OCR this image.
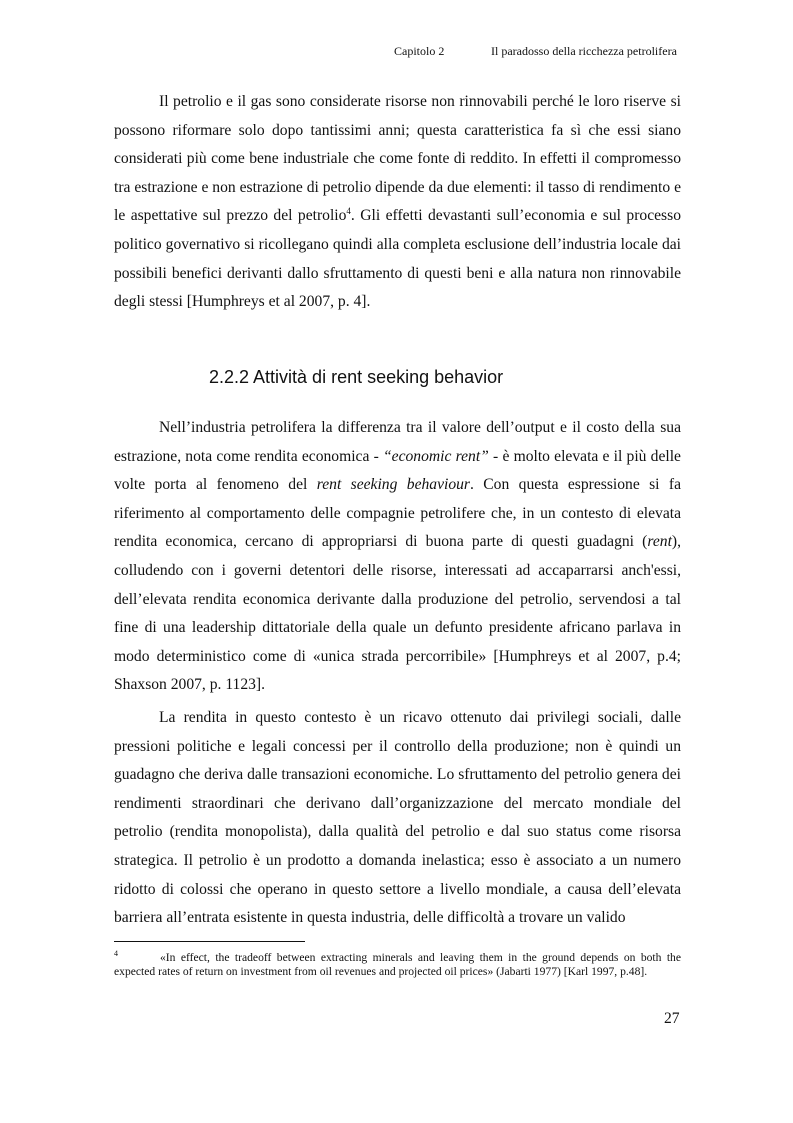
Capitolo 2	Il paradosso della ricchezza petrolifera
Il petrolio e il gas sono considerate risorse non rinnovabili perché le loro riserve si possono riformare solo dopo tantissimi anni; questa caratteristica fa sì che essi siano considerati più come bene industriale che come fonte di reddito. In effetti il compromesso tra estrazione e non estrazione di petrolio dipende da due elementi: il tasso di rendimento e le aspettative sul prezzo del petrolio$^4$. Gli effetti devastanti sull’economia e sul processo politico governativo si ricollegano quindi alla completa esclusione dell’industria locale dai possibili benefici derivanti dallo sfruttamento di questi beni e alla natura non rinnovabile degli stessi [Humphreys et al 2007, p. 4].
2.2.2 Attività di rent seeking behavior
Nell’industria petrolifera la differenza tra il valore dell’output e il costo della sua estrazione, nota come rendita economica - “economic rent” - è molto elevata e il più delle volte porta al fenomeno del rent seeking behaviour. Con questa espressione si fa riferimento al comportamento delle compagnie petrolifere che, in un contesto di elevata rendita economica, cercano di appropriarsi di buona parte di questi guadagni (rent), colludendo con i governi detentori delle risorse, interessati ad accaparrarsi anch'essi, dell’elevata rendita economica derivante dalla produzione del petrolio, servendosi a tal fine di una leadership dittatoriale della quale un defunto presidente africano parlava in modo deterministico come di «unica strada percorribile» [Humphreys et al 2007, p.4; Shaxson 2007, p. 1123].
La rendita in questo contesto è un ricavo ottenuto dai privilegi sociali, dalle pressioni politiche e legali concessi per il controllo della produzione; non è quindi un guadagno che deriva dalle transazioni economiche. Lo sfruttamento del petrolio genera dei rendimenti straordinari che derivano dall’organizzazione del mercato mondiale del petrolio (rendita monopolista), dalla qualità del petrolio e dal suo status come risorsa strategica. Il petrolio è un prodotto a domanda inelastica; esso è associato a un numero ridotto di colossi che operano in questo settore a livello mondiale, a causa dell’elevata barriera all’entrata esistente in questa industria, delle difficoltà a trovare un valido
4	«In effect, the tradeoff between extracting minerals and leaving them in the ground depends on both the expected rates of return on investment from oil revenues and projected oil prices» (Jabarti 1977) [Karl 1997, p.48].
27
